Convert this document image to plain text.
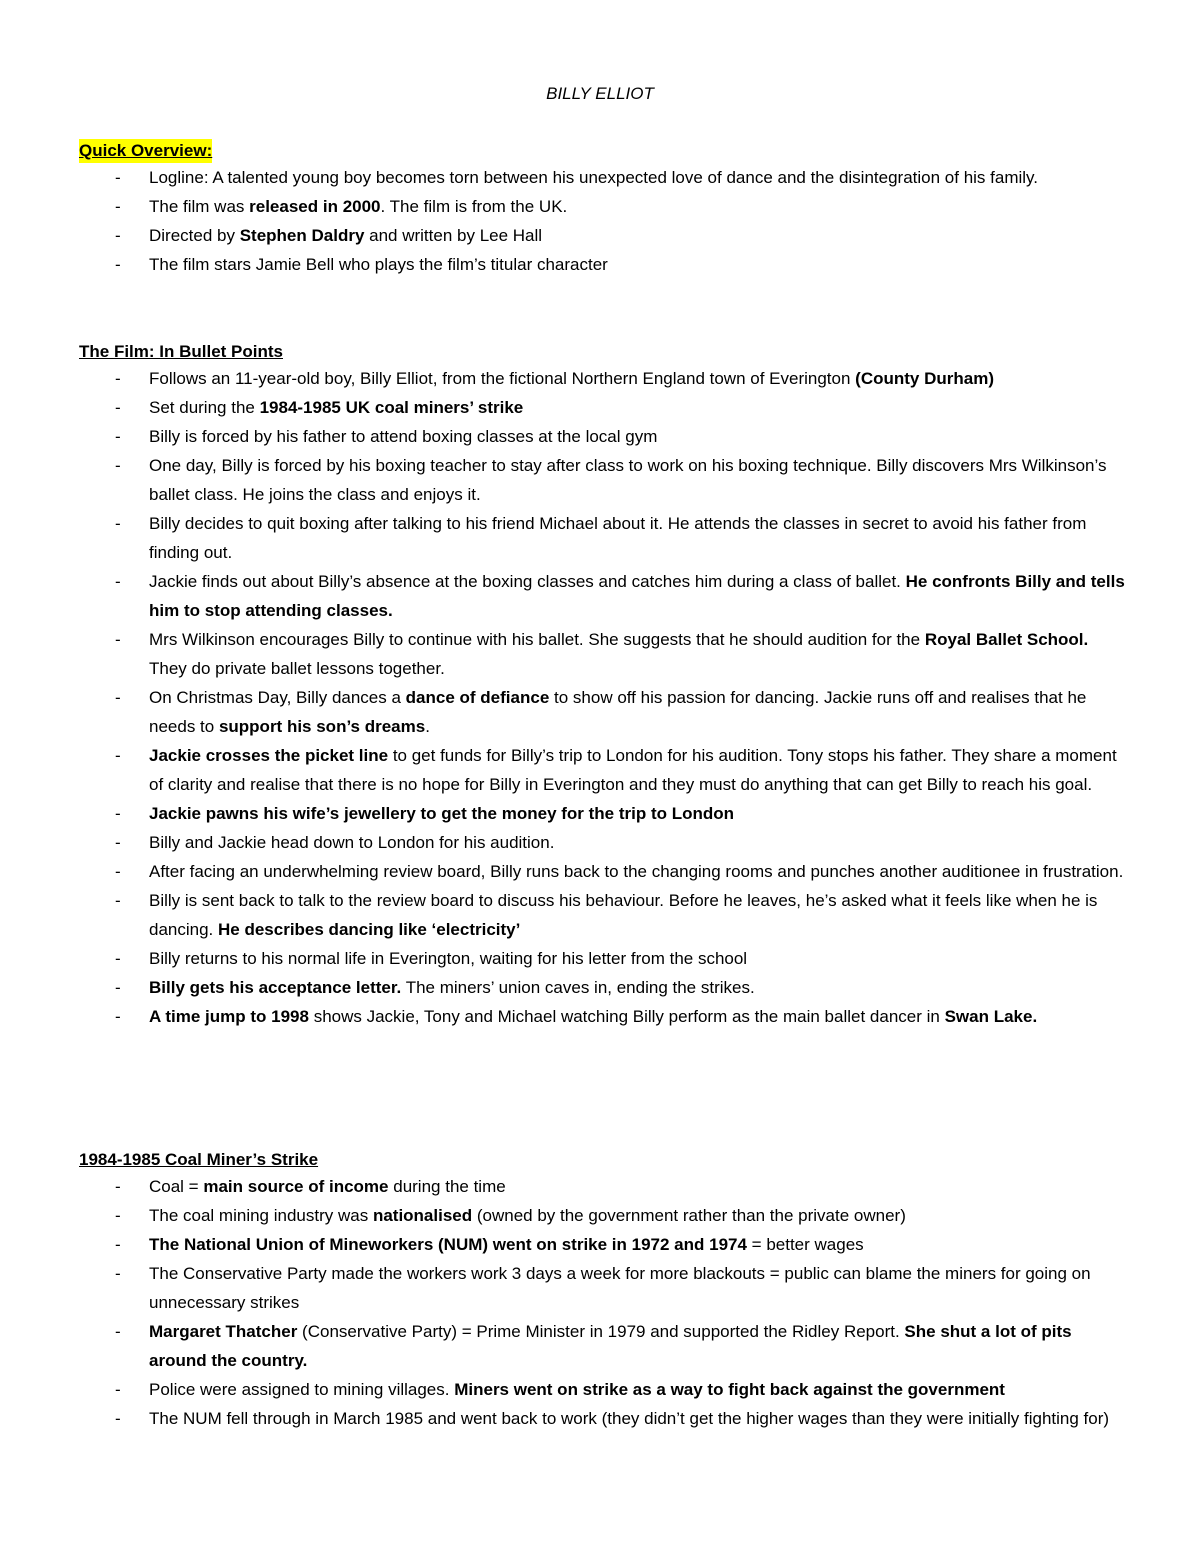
BILLY ELLIOT
Quick Overview:
- Logline: A talented young boy becomes torn between his unexpected love of dance and the disintegration of his family.
- The film was released in 2000. The film is from the UK.
- Directed by Stephen Daldry and written by Lee Hall
- The film stars Jamie Bell who plays the film’s titular character
The Film: In Bullet Points
- Follows an 11-year-old boy, Billy Elliot, from the fictional Northern England town of Everington (County Durham)
- Set during the 1984-1985 UK coal miners’ strike
- Billy is forced by his father to attend boxing classes at the local gym
- One day, Billy is forced by his boxing teacher to stay after class to work on his boxing technique. Billy discovers Mrs Wilkinson’s ballet class. He joins the class and enjoys it.
- Billy decides to quit boxing after talking to his friend Michael about it. He attends the classes in secret to avoid his father from finding out.
- Jackie finds out about Billy’s absence at the boxing classes and catches him during a class of ballet. He confronts Billy and tells him to stop attending classes.
- Mrs Wilkinson encourages Billy to continue with his ballet. She suggests that he should audition for the Royal Ballet School. They do private ballet lessons together.
- On Christmas Day, Billy dances a dance of defiance to show off his passion for dancing. Jackie runs off and realises that he needs to support his son’s dreams.
- Jackie crosses the picket line to get funds for Billy’s trip to London for his audition. Tony stops his father. They share a moment of clarity and realise that there is no hope for Billy in Everington and they must do anything that can get Billy to reach his goal.
- Jackie pawns his wife’s jewellery to get the money for the trip to London
- Billy and Jackie head down to London for his audition.
- After facing an underwhelming review board, Billy runs back to the changing rooms and punches another auditionee in frustration.
- Billy is sent back to talk to the review board to discuss his behaviour. Before he leaves, he’s asked what it feels like when he is dancing. He describes dancing like ‘electricity’
- Billy returns to his normal life in Everington, waiting for his letter from the school
- Billy gets his acceptance letter. The miners’ union caves in, ending the strikes.
- A time jump to 1998 shows Jackie, Tony and Michael watching Billy perform as the main ballet dancer in Swan Lake.
1984-1985 Coal Miner’s Strike
- Coal = main source of income during the time
- The coal mining industry was nationalised (owned by the government rather than the private owner)
- The National Union of Mineworkers (NUM) went on strike in 1972 and 1974 = better wages
- The Conservative Party made the workers work 3 days a week for more blackouts = public can blame the miners for going on unnecessary strikes
- Margaret Thatcher (Conservative Party) = Prime Minister in 1979 and supported the Ridley Report. She shut a lot of pits around the country.
- Police were assigned to mining villages. Miners went on strike as a way to fight back against the government
- The NUM fell through in March 1985 and went back to work (they didn’t get the higher wages than they were initially fighting for)
